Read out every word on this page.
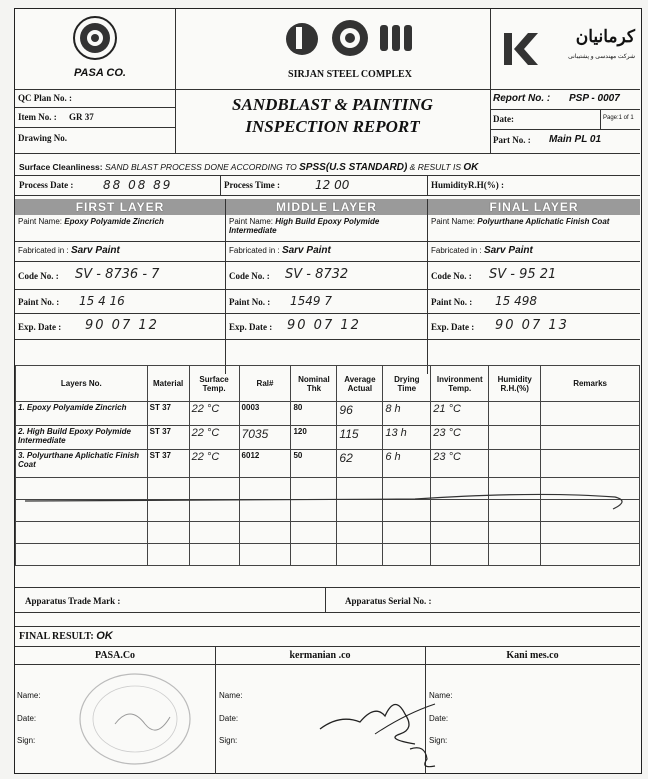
PASA CO.	SIRJAN STEEL COMPLEX
کرمانیان
شرکت مهندسی و پشتیبانی
QC Plan No. :
Item No. : GR 37
Drawing No.
SANDBLAST & PAINTING
INSPECTION REPORT
Report No. : PSP - 0007
Date:	Page:1 of 1
Part No. : Main PL 01
Surface Cleanliness: SAND BLAST PROCESS DONE ACCORDING TO SPSS(U.S STANDARD) & RESULT IS OK
Process Date : 88 08 89	Process Time :	12 00	HumidityR.H(%) :
FIRST LAYER
Paint Name: Epoxy Polyamide Zincrich
Fabricated in : Sarv Paint
Code No. : SV - 8736 - 7
Paint No. : 15 4 16
Exp. Date : 90 07 12
MIDDLE LAYER
Paint Name: High Build Epoxy Polymide Intermediate
Fabricated in : Sarv Paint
Code No. : SV - 8732
Paint No. : 1549 7
Exp. Date : 90 07 12
FINAL LAYER
Paint Name: Polyurthane Aplichatic Finish Coat
Fabricated in : Sarv Paint
Code No. : SV - 95 21
Paint No. : 15 498
Exp. Date : 90 07 13
Layers No.	Material	Surface Temp.	Ral#	Nominal Thk	Average Actual	Drying Time	Invironment Temp.	Humidity R.H.(%)	Remarks
1. Epoxy Polyamide Zincrich	ST 37	22 °C	0003	80	96	8 h	21 °C		
2. High Build Epoxy Polymide Intermediate	ST 37	22 °C	7035	120	115	13 h	23 °C		
3. Polyurthane Aplichatic Finish Coat	ST 37	22 °C	6012	50	62	6 h	23 °C		

Apparatus Trade Mark :	Apparatus Serial No. :
FINAL RESULT: OK
PASA.Co	kermanian .co	Kani mes.co
Name:
Date:
Sign:
Name:
Date:
Sign:
Name:
Date:
Sign:
